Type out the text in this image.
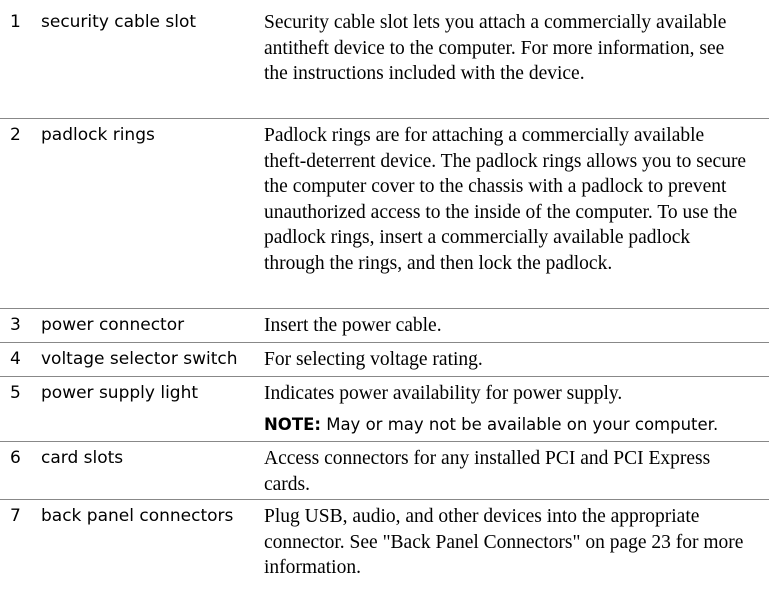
1	security cable slot	Security cable slot lets you attach a commercially available antitheft device to the computer. For more information, see the instructions included with the device.
2	padlock rings	Padlock rings are for attaching a commercially available theft-deterrent device. The padlock rings allows you to secure the computer cover to the chassis with a padlock to prevent unauthorized access to the inside of the computer. To use the padlock rings, insert a commercially available padlock through the rings, and then lock the padlock.
3	power connector	Insert the power cable.
4	voltage selector switch	For selecting voltage rating.
5	power supply light	Indicates power availability for power supply.
NOTE: May or may not be available on your computer.
6	card slots	Access connectors for any installed PCI and PCI Express cards.
7	back panel connectors	Plug USB, audio, and other devices into the appropriate connector. See "Back Panel Connectors" on page 23 for more information.
